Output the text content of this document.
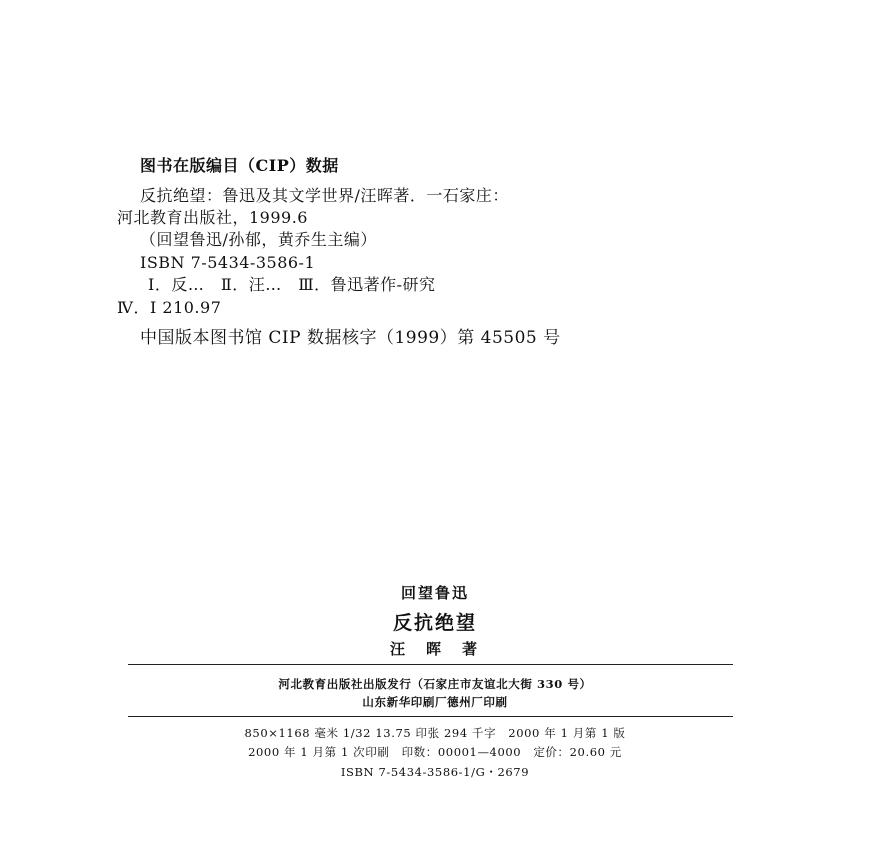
图书在版编目（CIP）数据
反抗绝望：鲁迅及其文学世界/汪晖著．一石家庄：
河北教育出版社，1999.6
（回望鲁迅/孙郁，黄乔生主编）
ISBN 7-5434-3586-1
Ⅰ．反…　Ⅱ．汪…　Ⅲ．鲁迅著作-研究
Ⅳ．I 210.97
中国版本图书馆 CIP 数据核字（1999）第 45505 号
回望鲁迅
反抗绝望
汪　晖　著
河北教育出版社出版发行（石家庄市友谊北大街 330 号）
山东新华印刷厂德州厂印刷
850×1168 毫米 1/32 13.75 印张 294 千字　2000 年 1 月第 1 版
2000 年 1 月第 1 次印刷　印数：00001—4000　定价：20.60 元
ISBN 7-5434-3586-1/G・2679
